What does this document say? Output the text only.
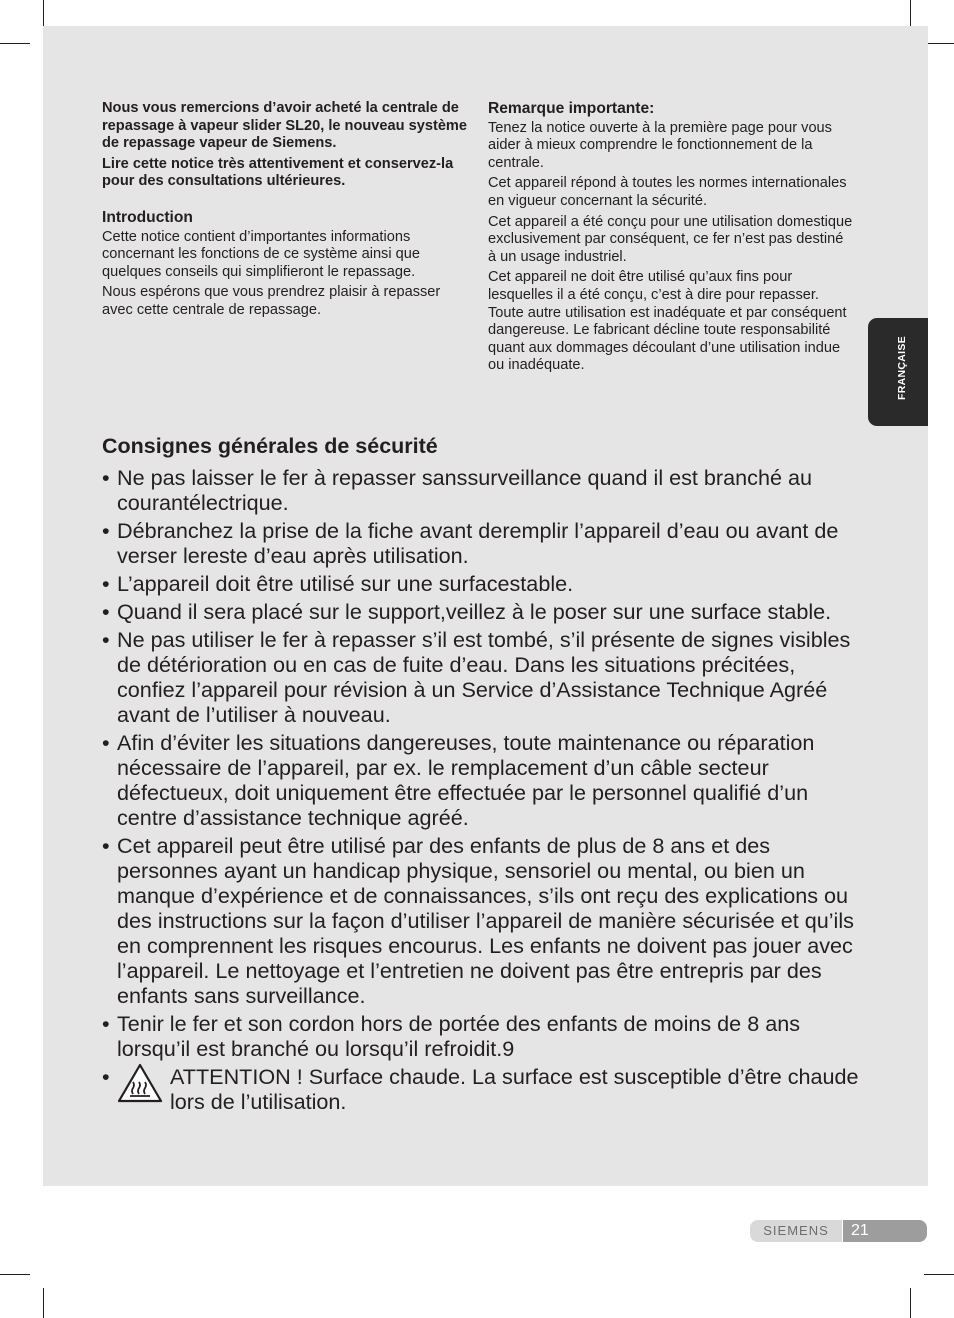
Nous vous remercions d’avoir acheté la centrale de repassage à vapeur slider SL20, le nouveau système de repassage vapeur de Siemens.

Lire cette notice très attentivement et conservez-la pour des consultations ultérieures.

Introduction

Cette notice contient d’importantes informations concernant les fonctions de ce système ainsi que quelques conseils qui simplifieront le repassage.

Nous espérons que vous prendrez plaisir à repasser avec cette centrale de repassage.

Remarque importante:

Tenez la notice ouverte à la première page pour vous aider à mieux comprendre le fonctionnement de la centrale.

Cet appareil répond à toutes les normes internationales en vigueur concernant la sécurité.

Cet appareil a été conçu pour une utilisation domestique exclusivement par conséquent, ce fer n’est pas destiné à un usage industriel.

Cet appareil ne doit être utilisé qu’aux fins pour lesquelles il a été conçu, c’est à dire pour repasser. Toute autre utilisation est inadéquate et par conséquent dangereuse. Le fabricant décline toute responsabilité quant aux dommages découlant d’une utilisation indue ou inadéquate.	FRANÇAISE
Consignes générales de sécurité
• Ne pas laisser le fer à repasser sanssurveillance quand il est branché au courantélectrique.
• Débranchez la prise de la fiche avant deremplir l’appareil d’eau ou avant de verser lereste d’eau après utilisation.
• L’appareil doit être utilisé sur une surfacestable.
• Quand il sera placé sur le support,veillez à le poser sur une surface stable.
• Ne pas utiliser le fer à repasser s’il est tombé, s’il présente de signes visibles de détérioration ou en cas de fuite d’eau. Dans les situations précitées, confiez l’appareil pour révision à un Service d’Assistance Technique Agréé avant de l’utiliser à nouveau.
• Afin d’éviter les situations dangereuses, toute maintenance ou réparation nécessaire de l’appareil, par ex. le remplacement d’un câble secteur défectueux, doit uniquement être effectuée par le personnel qualifié d’un centre d’assistance technique agréé.
• Cet appareil peut être utilisé par des enfants de plus de 8 ans et des personnes ayant un handicap physique, sensoriel ou mental, ou bien un manque d’expérience et de connaissances, s’ils ont reçu des explications ou des instructions sur la façon d’utiliser l’appareil de manière sécurisée et qu’ils en comprennent les risques encourus. Les enfants ne doivent pas jouer avec l’appareil. Le nettoyage et l’entretien ne doivent pas être entrepris par des enfants sans surveillance.
• Tenir le fer et son cordon hors de portée des enfants de moins de 8 ans lorsqu’il est branché ou lorsqu’il refroidit.9
•	ATTENTION ! Surface chaude. La surface est susceptible d’être chaude lors de l’utilisation.
SIEMENS	21
